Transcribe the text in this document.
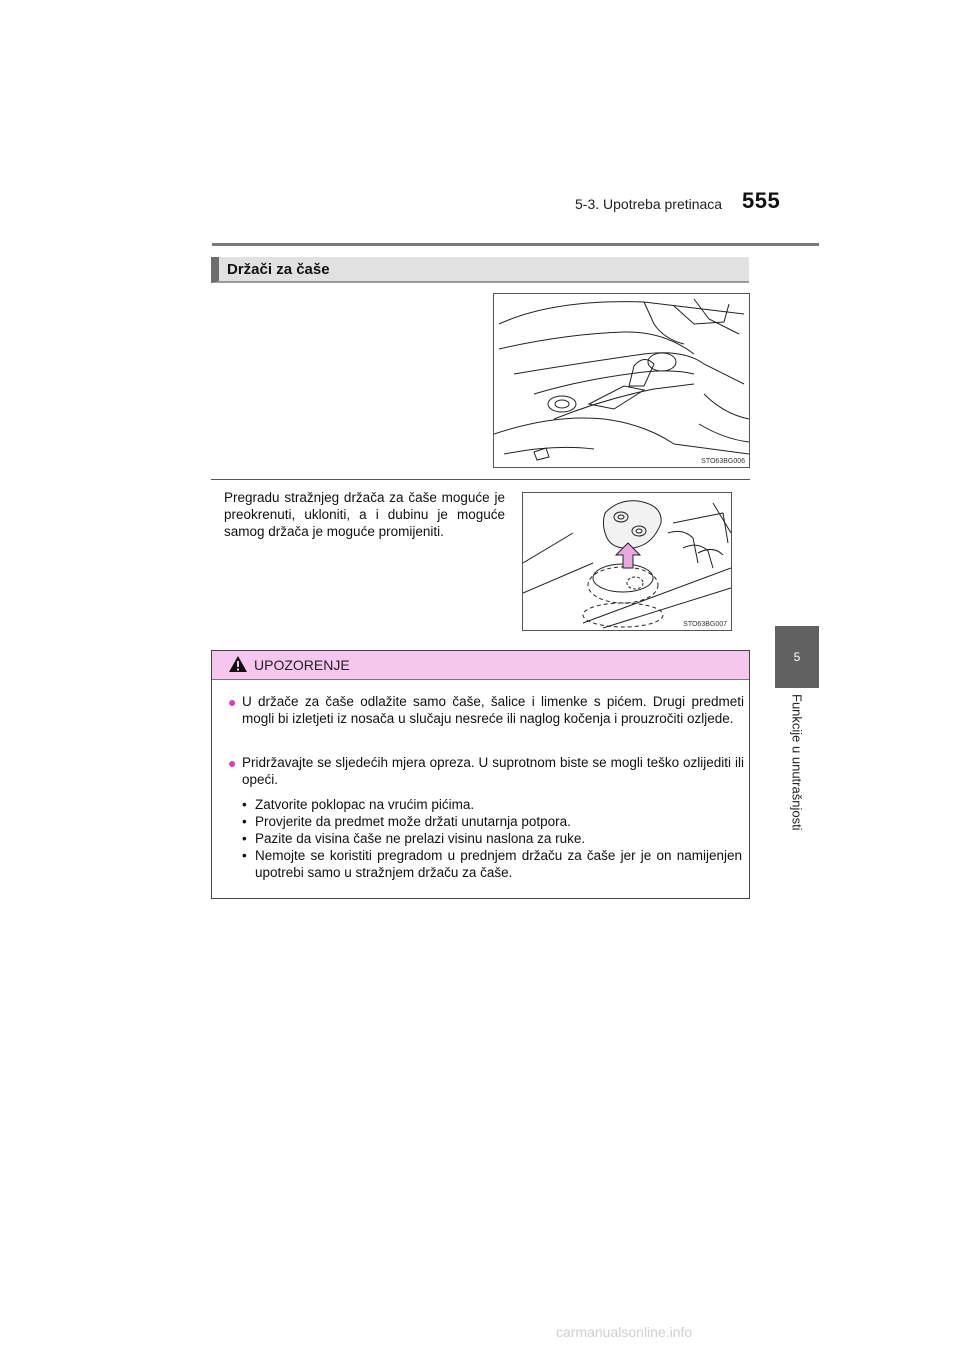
5-3. Upotreba pretinaca 555
5
Funkcije u unutrašnjosti
Držači za čaše
STO63BG006
Pregradu stražnjeg držača za čaše moguće je preokrenuti, ukloniti, a i dubinu je moguće samog držača je moguće promijeniti.
STO63BG007
UPOZORENJE
● U držače za čaše odlažite samo čaše, šalice i limenke s pićem. Drugi predmeti mogli bi izletjeti iz nosača u slučaju nesreće ili naglog kočenja i prouzročiti ozljede.
● Pridržavajte se sljedećih mjera opreza. U suprotnom biste se mogli teško ozlijediti ili opeći.
• Zatvorite poklopac na vrućim pićima.
• Provjerite da predmet može držati unutarnja potpora.
• Pazite da visina čaše ne prelazi visinu naslona za ruke.
• Nemojte se koristiti pregradom u prednjem držaču za čaše jer je on namijenjen upotrebi samo u stražnjem držaču za čaše.
carmanualsonline.info
